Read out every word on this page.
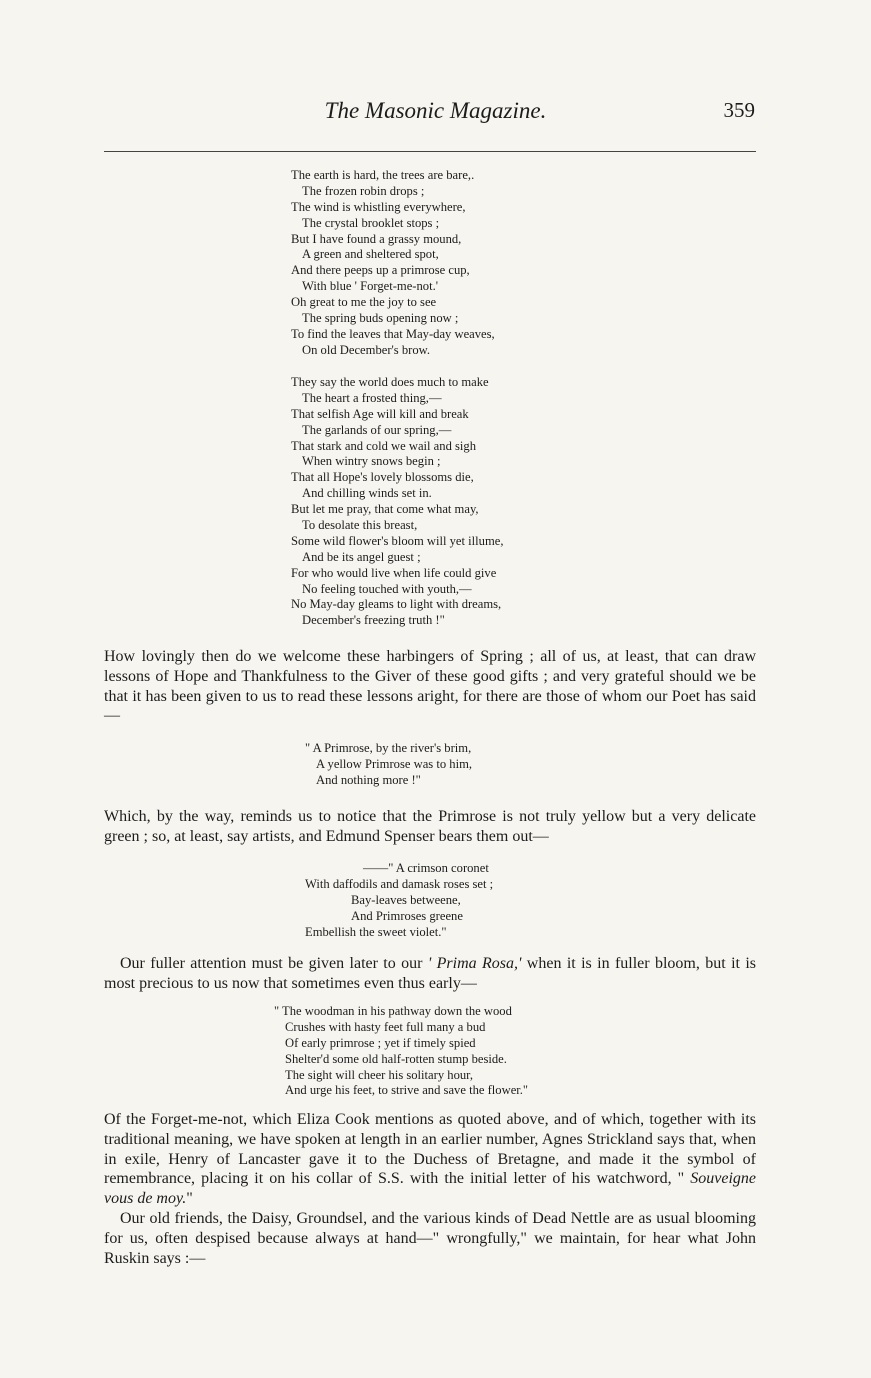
The Masonic Magazine.	359
The earth is hard, the trees are bare,.
The frozen robin drops ;
The wind is whistling everywhere,
The crystal brooklet stops ;
But I have found a grassy mound,
A green and sheltered spot,
And there peeps up a primrose cup,
With blue ' Forget-me-not.'
Oh great to me the joy to see
The spring buds opening now ;
To find the leaves that May-day weaves,
On old December's brow.
They say the world does much to make
The heart a frosted thing,—
That selfish Age will kill and break
The garlands of our spring,—
That stark and cold we wail and sigh
When wintry snows begin ;
That all Hope's lovely blossoms die,
And chilling winds set in.
But let me pray, that come what may,
To desolate this breast,
Some wild flower's bloom will yet illume,
And be its angel guest ;
For who would live when life could give
No feeling touched with youth,—
No May-day gleams to light with dreams,
December's freezing truth !"

How lovingly then do we welcome these harbingers of Spring ; all of us, at least, that can draw lessons of Hope and Thankfulness to the Giver of these good gifts ; and very grateful should we be that it has been given to us to read these lessons aright, for there are those of whom our Poet has said—

" A Primrose, by the river's brim,
A yellow Primrose was to him,
And nothing more !"

Which, by the way, reminds us to notice that the Primrose is not truly yellow but a very delicate green ; so, at least, say artists, and Edmund Spenser bears them out—

——" A crimson coronet
With daffodils and damask roses set ;
Bay-leaves betweene,
And Primroses greene
Embellish the sweet violet."

Our fuller attention must be given later to our ' Prima Rosa,' when it is in fuller bloom, but it is most precious to us now that sometimes even thus early—

" The woodman in his pathway down the wood
Crushes with hasty feet full many a bud
Of early primrose ; yet if timely spied
Shelter'd some old half-rotten stump beside.
The sight will cheer his solitary hour,
And urge his feet, to strive and save the flower."

Of the Forget-me-not, which Eliza Cook mentions as quoted above, and of which, together with its traditional meaning, we have spoken at length in an earlier number, Agnes Strickland says that, when in exile, Henry of Lancaster gave it to the Duchess of Bretagne, and made it the symbol of remembrance, placing it on his collar of S.S. with the initial letter of his watchword, " Souveigne vous de moy."

Our old friends, the Daisy, Groundsel, and the various kinds of Dead Nettle are as usual blooming for us, often despised because always at hand—" wrongfully," we maintain, for hear what John Ruskin says :—
